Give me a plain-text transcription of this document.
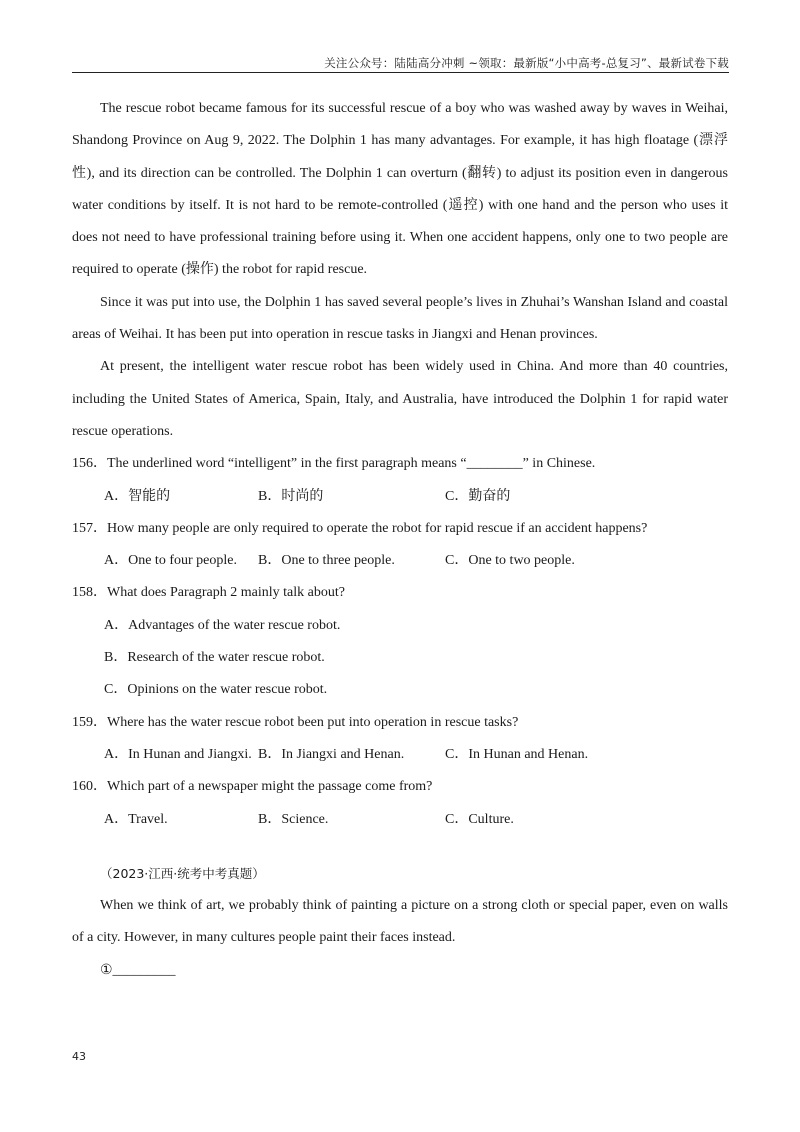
关注公众号：陆陆高分冲刺 ~领取：最新版“小中高考-总复习”、最新试卷下载

The rescue robot became famous for its successful rescue of a boy who was washed away by waves in Weihai, Shandong Province on Aug 9, 2022. The Dolphin 1 has many advantages. For example, it has high floatage (漂浮性), and its direction can be controlled. The Dolphin 1 can overturn (翻转) to adjust its position even in dangerous water conditions by itself. It is not hard to be remote-controlled (遥控) with one hand and the person who uses it does not need to have professional training before using it. When one accident happens, only one to two people are required to operate (操作) the robot for rapid rescue.

Since it was put into use, the Dolphin 1 has saved several people’s lives in Zhuhai’s Wanshan Island and coastal areas of Weihai. It has been put into operation in rescue tasks in Jiangxi and Henan provinces.

At present, the intelligent water rescue robot has been widely used in China. And more than 40 countries, including the United States of America, Spain, Italy, and Australia, have introduced the Dolphin 1 for rapid water rescue operations.

156．The underlined word “intelligent” in the first paragraph means “________” in Chinese.

A．智能的	B．时尚的	C．勤奋的

157．How many people are only required to operate the robot for rapid rescue if an accident happens?

A．One to four people.	B．One to three people.	C．One to two people.

158．What does Paragraph 2 mainly talk about?

A．Advantages of the water rescue robot.

B．Research of the water rescue robot.

C．Opinions on the water rescue robot.

159．Where has the water rescue robot been put into operation in rescue tasks?

A．In Hunan and Jiangxi. B．In Jiangxi and Henan.	C．In Hunan and Henan.

160．Which part of a newspaper might the passage come from?

A．Travel.	B．Science.	C．Culture.

（2023·江西·统考中考真题）

When we think of art, we probably think of painting a picture on a strong cloth or special paper, even on walls of a city. However, in many cultures people paint their faces instead.

①_________

43
